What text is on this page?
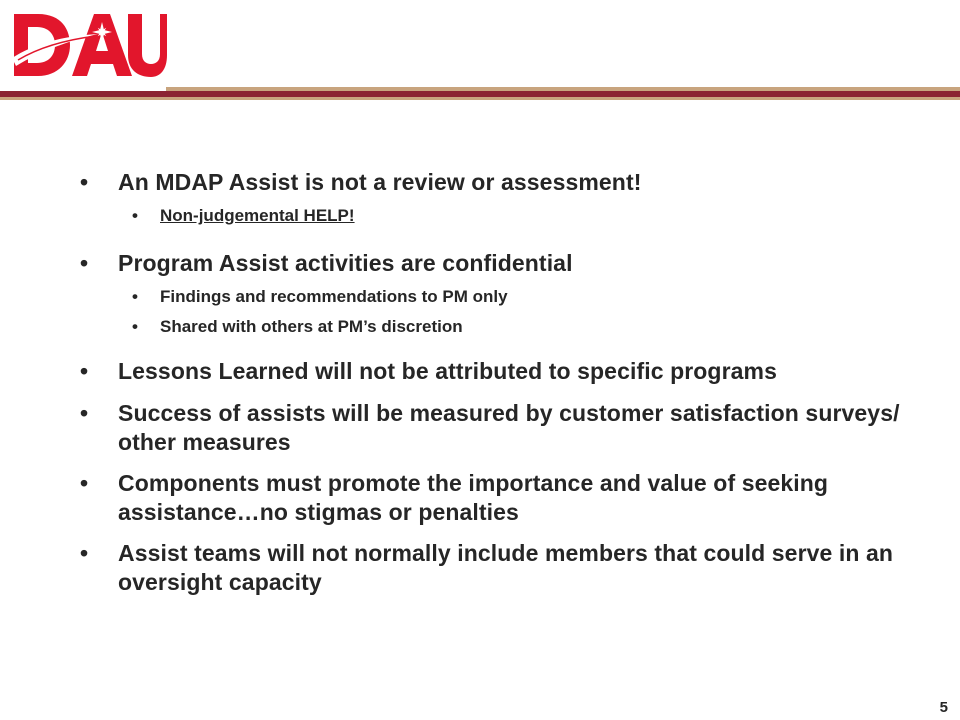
• An MDAP Assist is not a review or assessment!
• Non-judgemental HELP!
• Program Assist activities are confidential
• Findings and recommendations to PM only
• Shared with others at PM’s discretion
• Lessons Learned will not be attributed to specific programs
• Success of assists will be measured by customer satisfaction surveys/ other measures
• Components must promote the importance and value of seeking assistance…no stigmas or penalties
• Assist teams will not normally include members that could serve in an oversight capacity
5
